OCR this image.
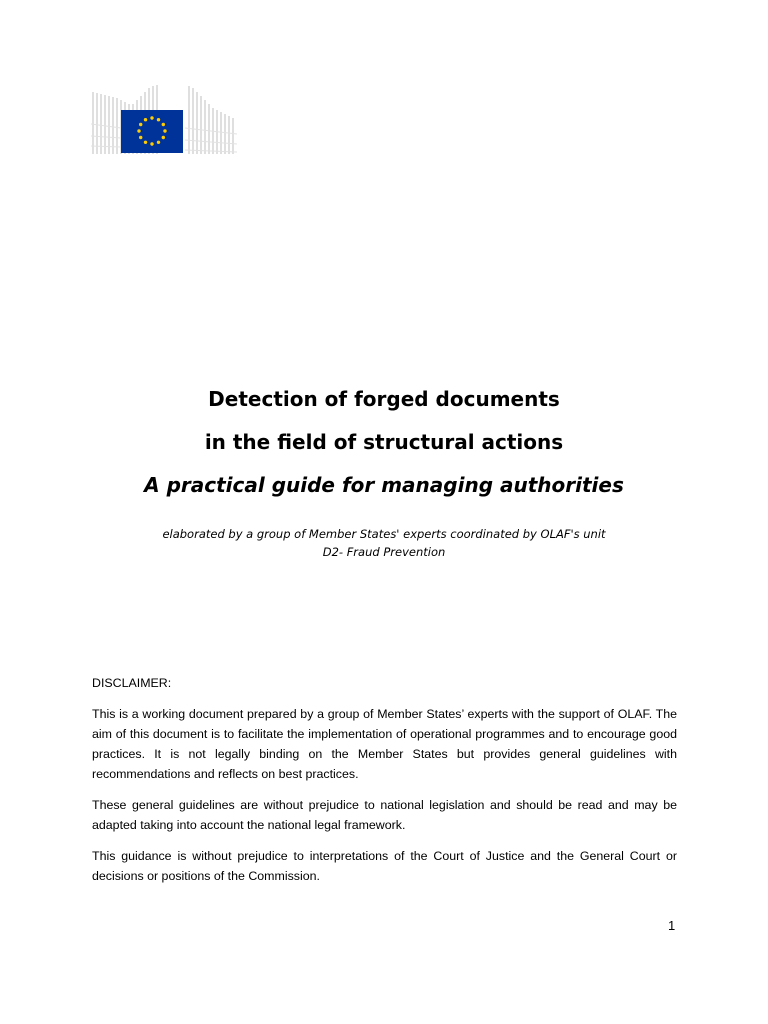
Detection of forged documents

in the field of structural actions

A practical guide for managing authorities

elaborated by a group of Member States' experts coordinated by OLAF's unit
D2- Fraud Prevention

DISCLAIMER:

This is a working document prepared by a group of Member States’ experts with the support of OLAF. The aim of this document is to facilitate the implementation of operational programmes and to encourage good practices. It is not legally binding on the Member States but provides general guidelines with recommendations and reflects on best practices.

These general guidelines are without prejudice to national legislation and should be read and may be adapted taking into account the national legal framework.

This guidance is without prejudice to interpretations of the Court of Justice and the General Court or decisions or positions of the Commission.

1
